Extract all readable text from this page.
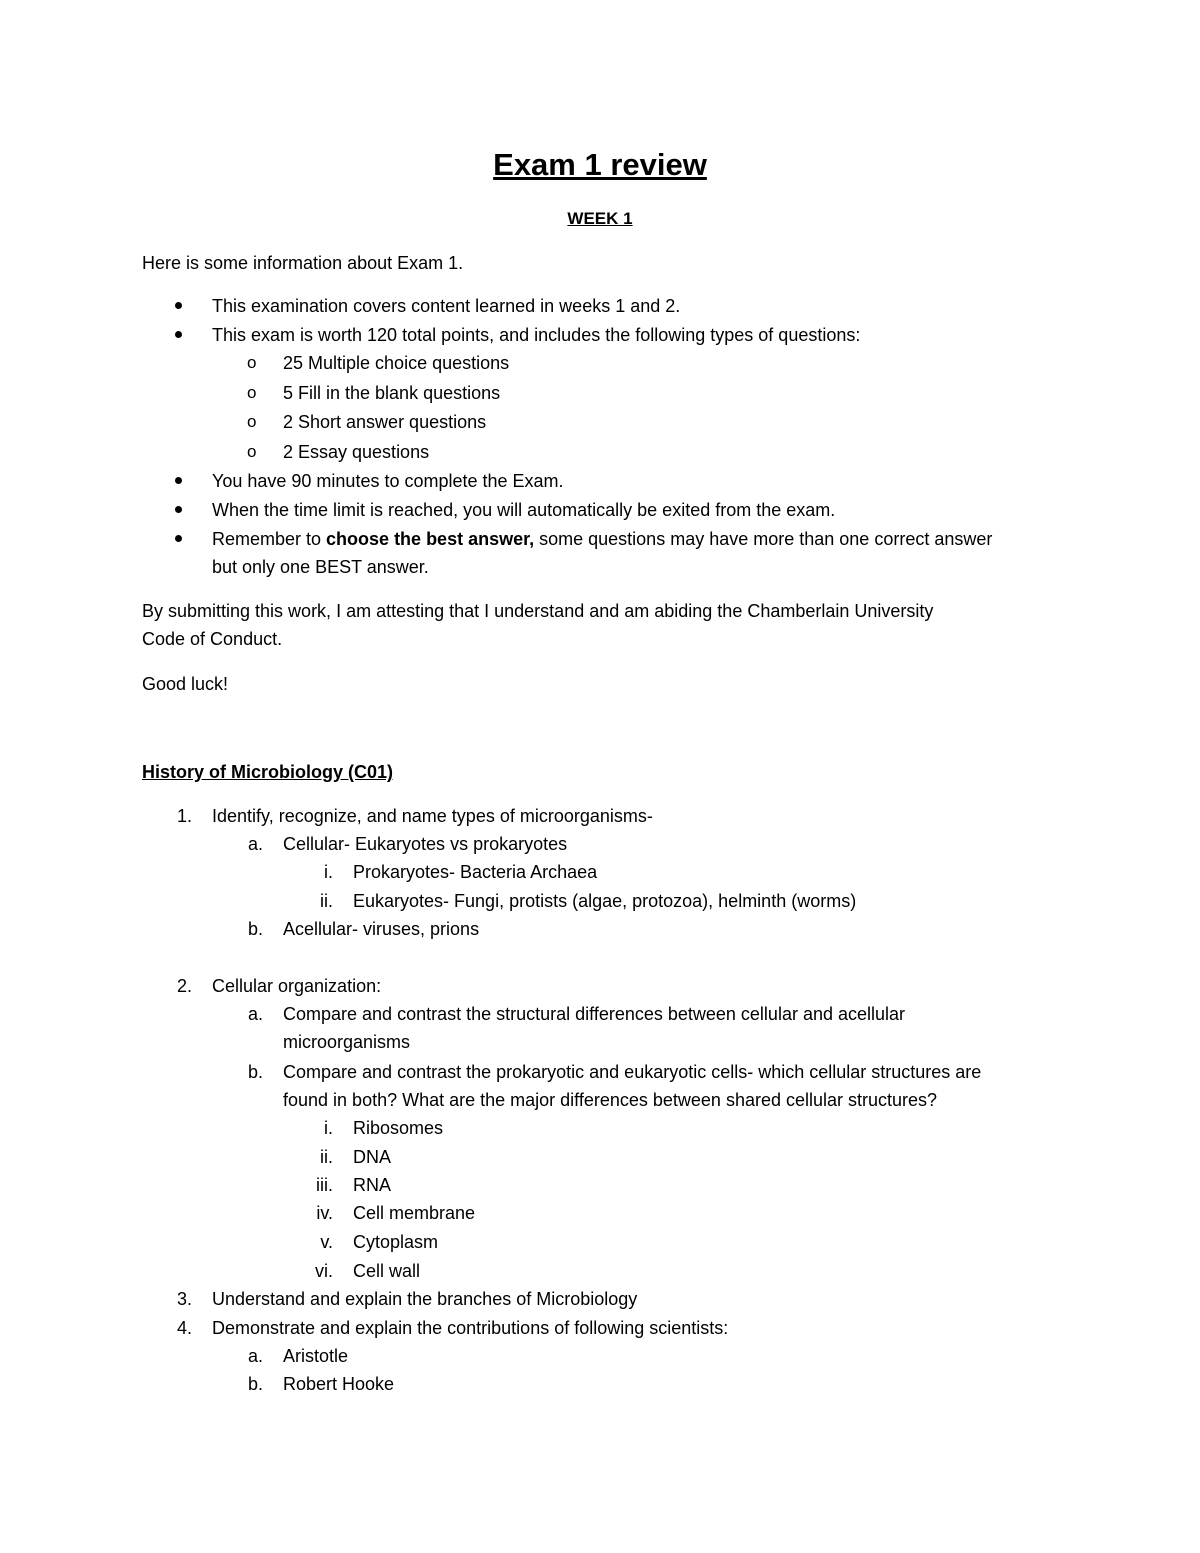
Exam 1 review
WEEK 1
Here is some information about Exam 1.
This examination covers content learned in weeks 1 and 2.
This exam is worth 120 total points, and includes the following types of questions:
o 25 Multiple choice questions
o 5 Fill in the blank questions
o 2 Short answer questions
o 2 Essay questions
You have 90 minutes to complete the Exam.
When the time limit is reached, you will automatically be exited from the exam.
Remember to choose the best answer, some questions may have more than one correct answer
but only one BEST answer.
By submitting this work, I am attesting that I understand and am abiding the Chamberlain University
Code of Conduct.
Good luck!
History of Microbiology (C01)
1. Identify, recognize, and name types of microorganisms-
a. Cellular- Eukaryotes vs prokaryotes
i. Prokaryotes- Bacteria Archaea
ii. Eukaryotes- Fungi, protists (algae, protozoa), helminth (worms)
b. Acellular- viruses, prions
2. Cellular organization:
a. Compare and contrast the structural differences between cellular and acellular
microorganisms
b. Compare and contrast the prokaryotic and eukaryotic cells- which cellular structures are
found in both? What are the major differences between shared cellular structures?
i. Ribosomes
ii. DNA
iii. RNA
iv. Cell membrane
v. Cytoplasm
vi. Cell wall
3. Understand and explain the branches of Microbiology
4. Demonstrate and explain the contributions of following scientists:
a. Aristotle
b. Robert Hooke
